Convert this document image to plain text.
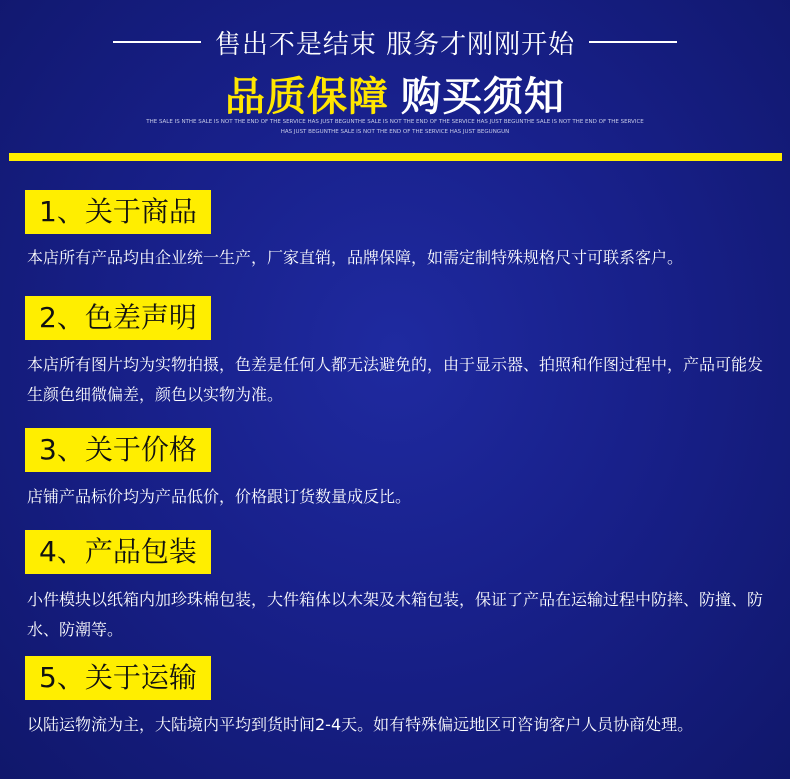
售出不是结束 服务才刚刚开始
品质保障 购买须知
THE SALE IS NTHE SALE IS NOT THE END OF THE SERVICE HAS JUST BEGUNTHE SALE IS NOT THE END OF THE SERVICE HAS JUST BEGUNTHE SALE IS NOT THE END OF THE SERVICE
HAS JUST BEGUNTHE SALE IS NOT THE END OF THE SERVICE HAS JUST BEGUNGUN
1、关于商品
本店所有产品均由企业统一生产，厂家直销，品牌保障，如需定制特殊规格尺寸可联系客户。
2、色差声明
本店所有图片均为实物拍摄，色差是任何人都无法避免的，由于显示器、拍照和作图过程中，产品可能发生颜色细微偏差，颜色以实物为准。
3、关于价格
店铺产品标价均为产品低价，价格跟订货数量成反比。
4、产品包装
小件模块以纸箱内加珍珠棉包装，大件箱体以木架及木箱包装，保证了产品在运输过程中防摔、防撞、防水、防潮等。
5、关于运输
以陆运物流为主，大陆境内平均到货时间2-4天。如有特殊偏远地区可咨询客户人员协商处理。
